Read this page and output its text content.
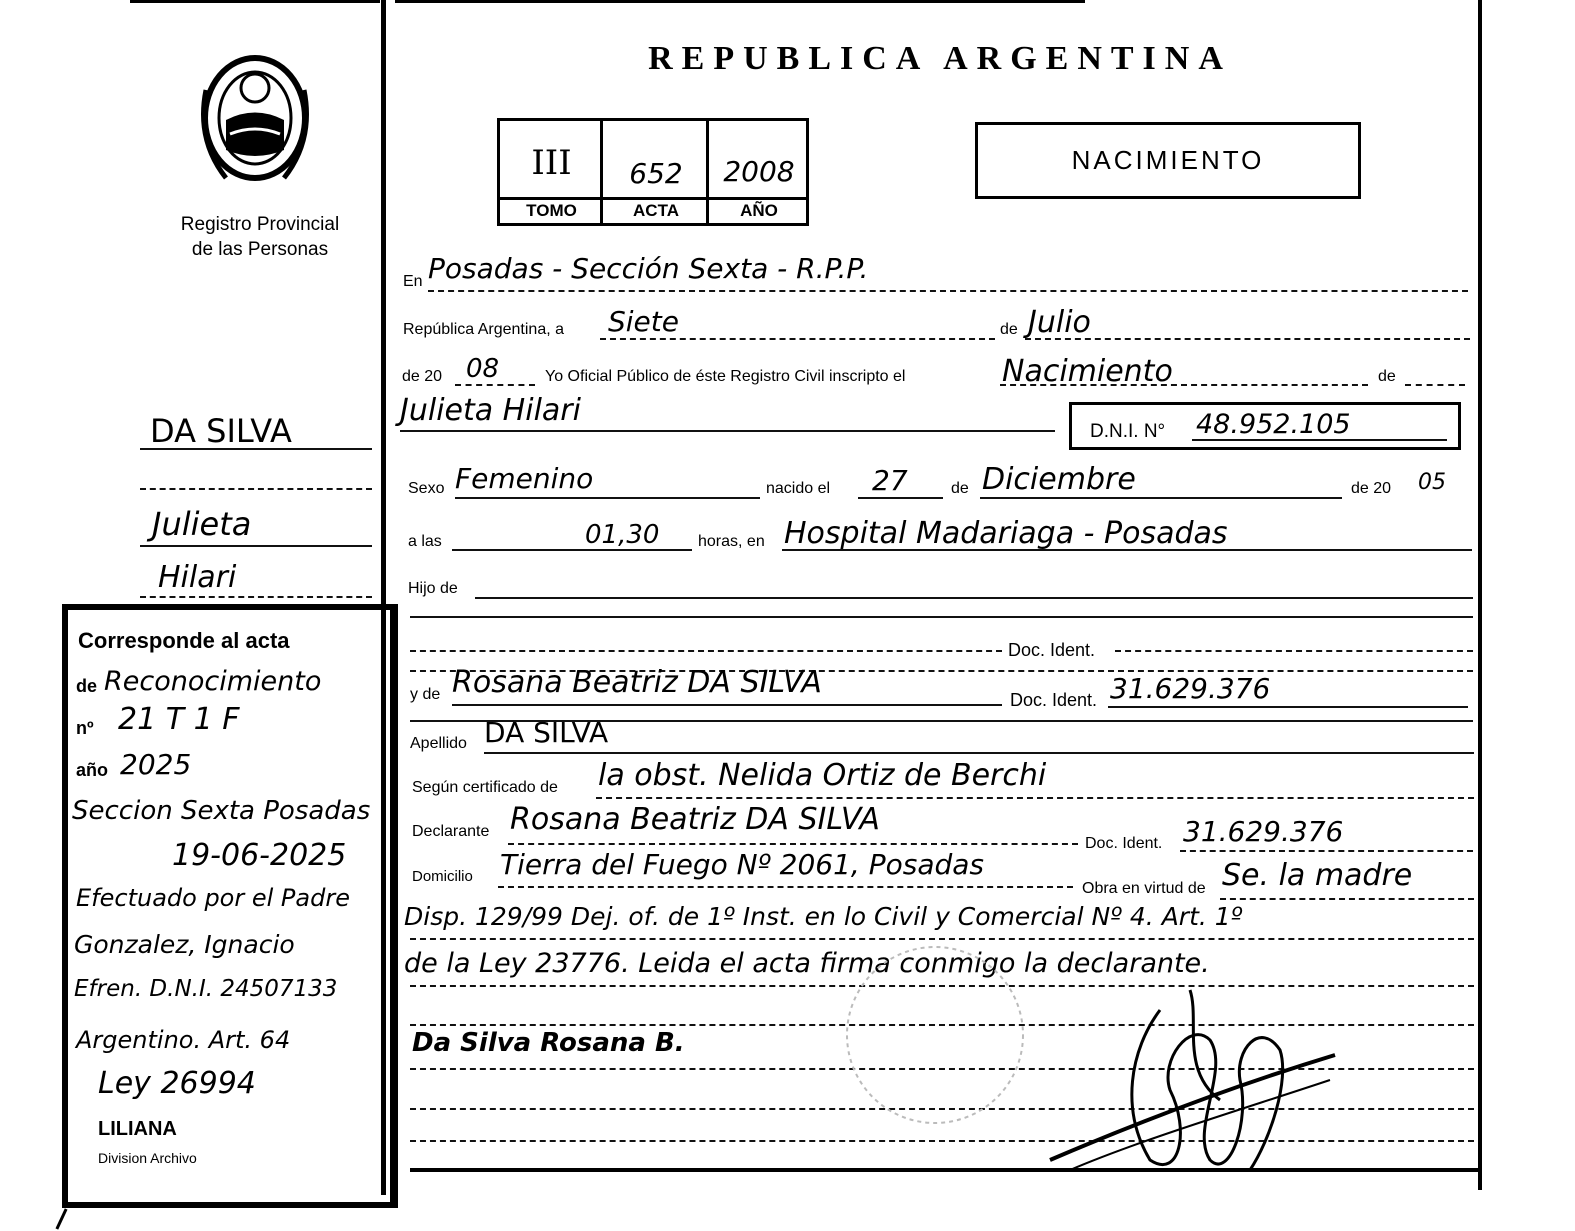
Registro Provincial
de las Personas
REPUBLICA ARGENTINA
III	652	2008
TOMO	ACTA	AÑO
NACIMIENTO
DA SILVA
Julieta
Hilari
Corresponde al acta
de Reconocimiento
nº 21 T 1 F
año 2025
Seccion Sexta Posadas
19-06-2025
Efectuado por el Padre
Gonzalez, Ignacio
Efren. D.N.I. 24507133
Argentino. Art. 64
Ley 26994
LILIANA
Division Archivo
En Posadas - Sección Sexta - R.P.P.
República Argentina, a Siete	de Julio
de 20 08	Yo Oficial Público de éste Registro Civil inscripto el	Nacimiento	de
Julieta Hilari
D.N.I. N° 48.952.105
Sexo Femenino	nacido el 27	de Diciembre	de 20 05
a las	01,30 horas, en Hospital Madariaga - Posadas
Hijo de
Doc. Ident.
y de Rosana Beatriz DA SILVA	Doc. Ident. 31.629.376
Apellido DA SILVA
Según certificado de la obst. Nelida Ortiz de Berchi
Declarante Rosana Beatriz DA SILVA
Doc. Ident. 31.629.376
Domicilio Tierra del Fuego Nº 2061, Posadas
Obra en virtud de Se. la madre
Disp. 129/99 Dej. of. de 1º Inst. en lo Civil y Comercial Nº 4. Art. 1º
de la Ley 23776. Leida el acta firma conmigo la declarante.
Da Silva Rosana B.
